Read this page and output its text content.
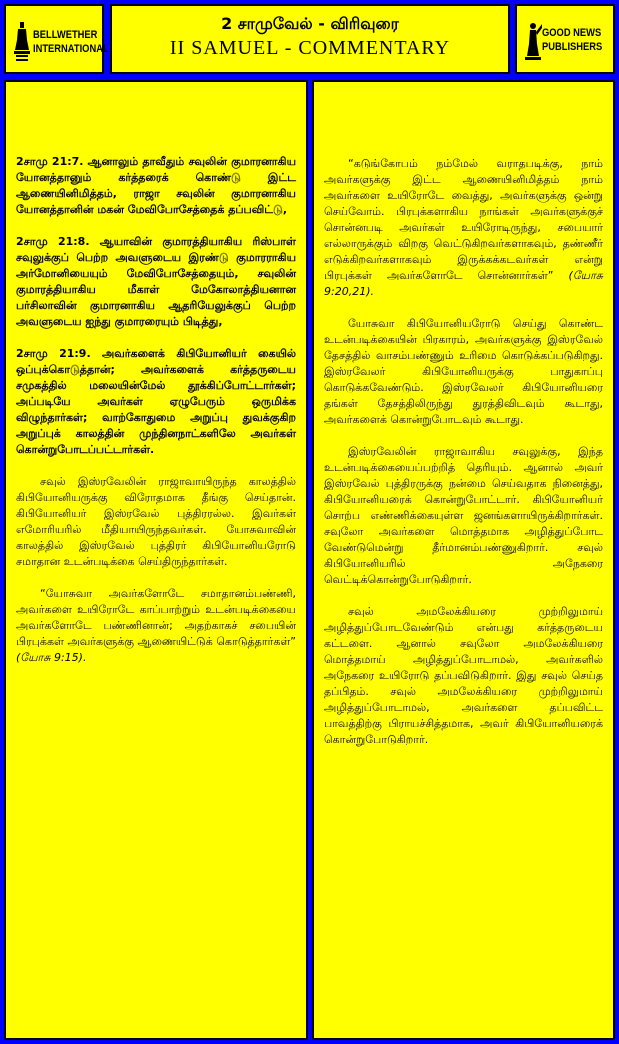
BELLWETHER
INTERNATIONAL
2 சாமுவேல் - விரிவுரை
II SAMUEL - COMMENTARY
GOOD NEWS
PUBLISHERS

2சாமு 21:7. ஆனாலும் தாவீதும் சவுலின் குமாரனாகிய யோனத்தானும் கர்த்தரைக் கொண்டு இட்ட ஆணையினிமித்தம், ராஜா சவுலின் குமாரனாகிய யோனத்தானின் மகன் மேவிபோசேத்தைக் தப்பவிட்டு,

2சாமு 21:8. ஆயாவின் குமாரத்தியாகிய ரிஸ்பாள் சவுலுக்குப் பெற்ற அவளுடைய இரண்டு குமாரராகிய அர்மோனியையும் மேவிபோசேத்தையும், சவுலின் குமாரத்தியாகிய மீகாள் மேகோலாத்தியனான பர்சிலாவின் குமாரனாகிய ஆதரியேலுக்குப் பெற்ற அவளுடைய ஐந்து குமாரரையும் பிடித்து,

2சாமு 21:9. அவர்களைக் கிபியோனியர் கையில் ஒப்புக்கொடுத்தான்; அவர்களைக் கர்த்தருடைய சமுகத்தில் மலையின்மேல் தூக்கிப்போட்டார்கள்; அப்படியே அவர்கள் ஏழுபேரும் ஒருமிக்க விழுந்தார்கள்; வாற்கோதுமை அறுப்பு துவக்குகிற அறுப்புக் காலத்தின் முந்தினநாட்களிலே அவர்கள் கொன்றுபோடப்பட்டார்கள்.

சவுல் இஸ்ரவேலின் ராஜாவாயிருந்த காலத்தில் கிபியோனியருக்கு விரோதமாக தீங்கு செய்தான். கிபியோனியர் இஸ்ரவேல் புத்திரரல்ல. இவர்கள் எமோரியரில் மீதியாயிருந்தவர்கள். யோசுவாவின் காலத்தில் இஸ்ரவேல் புத்திரர் கிபியோனியரோடு சமாதான உடன்படிக்கை செய்திருந்தார்கள்.

“யோசுவா அவர்களோடே சமாதானம்பண்ணி, அவர்களை உயிரோடே காப்பாற்றும் உடன்படிக்கையை அவர்களோடே பண்ணினான்; அதற்காகச் சபையின் பிரபுக்கள் அவர்களுக்கு ஆணையிட்டுக் கொடுத்தார்கள்” (யோசு 9:15).

“கடுங்கோபம் நம்மேல் வராதபடிக்கு, நாம் அவர்களுக்கு இட்ட ஆணையினிமித்தம் நாம் அவர்களை உயிரோடே வைத்து, அவர்களுக்கு ஒன்று செய்வோம். பிரபுக்களாகிய நாங்கள் அவர்களுக்குச் சொன்னபடி அவர்கள் உயிரோடிருந்து, சபையார் எல்லாருக்கும் விறகு வெட்டுகிறவர்களாகவும், தண்ணீர் எடுக்கிறவர்களாகவும் இருக்கக்கடவர்கள் என்று பிரபுக்கள் அவர்களோடே சொன்னார்கள்” (யோசு 9:20,21).

யோசுவா கிபியோனியரோடு செய்து கொண்ட உடன்படிக்கையின் பிரகாரம், அவர்களுக்கு இஸ்ரவேல் தேசத்தில் வாசம்பண்ணும் உரிமை கொடுக்கப்படுகிறது. இஸ்ரவேலர் கிபியோனியருக்கு பாதுகாப்பு கொடுக்கவேண்டும். இஸ்ரவேலர் கிபியோனியரை தங்கள் தேசத்திலிருந்து துரத்திவிடவும் கூடாது, அவர்களைக் கொன்றுபோடவும் கூடாது.

இஸ்ரவேலின் ராஜாவாகிய சவுலுக்கு, இந்த உடன்படிக்கையைப்பற்றித் தெரியும். ஆனால் அவர் இஸ்ரவேல் புத்திரருக்கு நன்மை செய்வதாக நினைத்து, கிபியோனியரைக் கொன்றுபோட்டார். கிபியோனியர் சொற்ப எண்ணிக்கையுள்ள ஜனங்களாயிருக்கிறார்கள். சவுலோ அவர்களை மொத்தமாக அழித்துப்போட வேண்டுமென்று தீர்மானம்பண்ணுகிறார். சவுல் கிபியோனியரில் அநேகரை வெட்டிக்கொன்றுபோடுகிறார்.

சவுல் அமலேக்கியரை முற்றிலுமாய் அழித்துப்போடவேண்டும் என்பது கர்த்தருடைய கட்டளை. ஆனால் சவுலோ அமலேக்கியரை மொத்தமாய் அழித்துப்போடாமல், அவர்களில் அநேகரை உயிரோடு தப்பவிடுகிறார். இது சவுல் செய்த தப்பிதம். சவுல் அமலேக்கியரை முற்றிலுமாய் அழித்துப்போடாமல், அவர்களை தப்பவிட்ட பாவத்திற்கு பிராயச்சித்தமாக, அவர் கிபியோனியரைக் கொன்றுபோடுகிறார்.
